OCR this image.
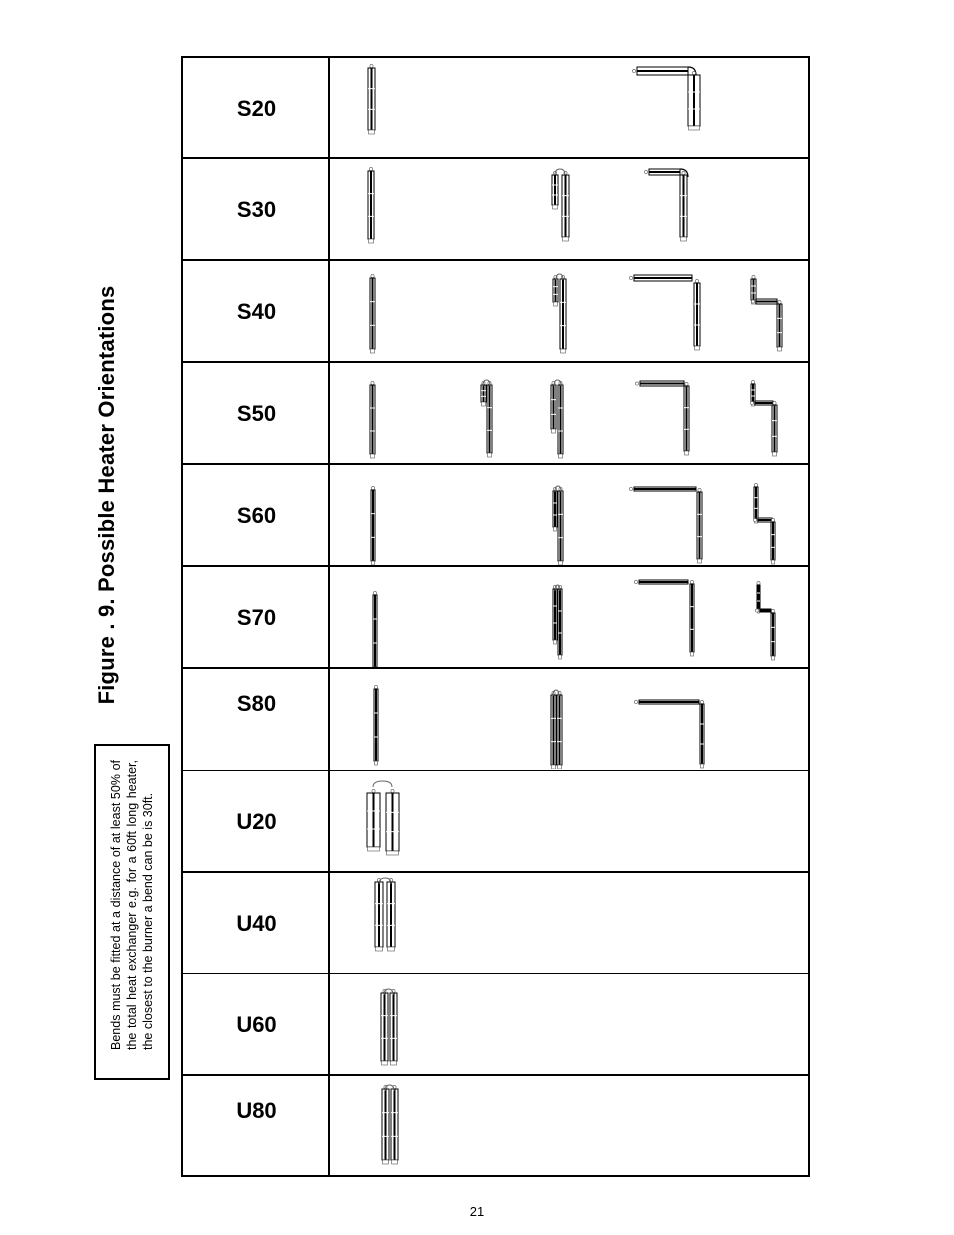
Figure . 9. Possible Heater Orientations
Bends must be fitted at a distance of at least 50% of the total heat exchanger e.g. for a 60ft long heater, the closest to the burner a bend can be is 30ft.
S20
S30
S40
S50
S60
S70
S80
U20
U40
U60
U80
21
